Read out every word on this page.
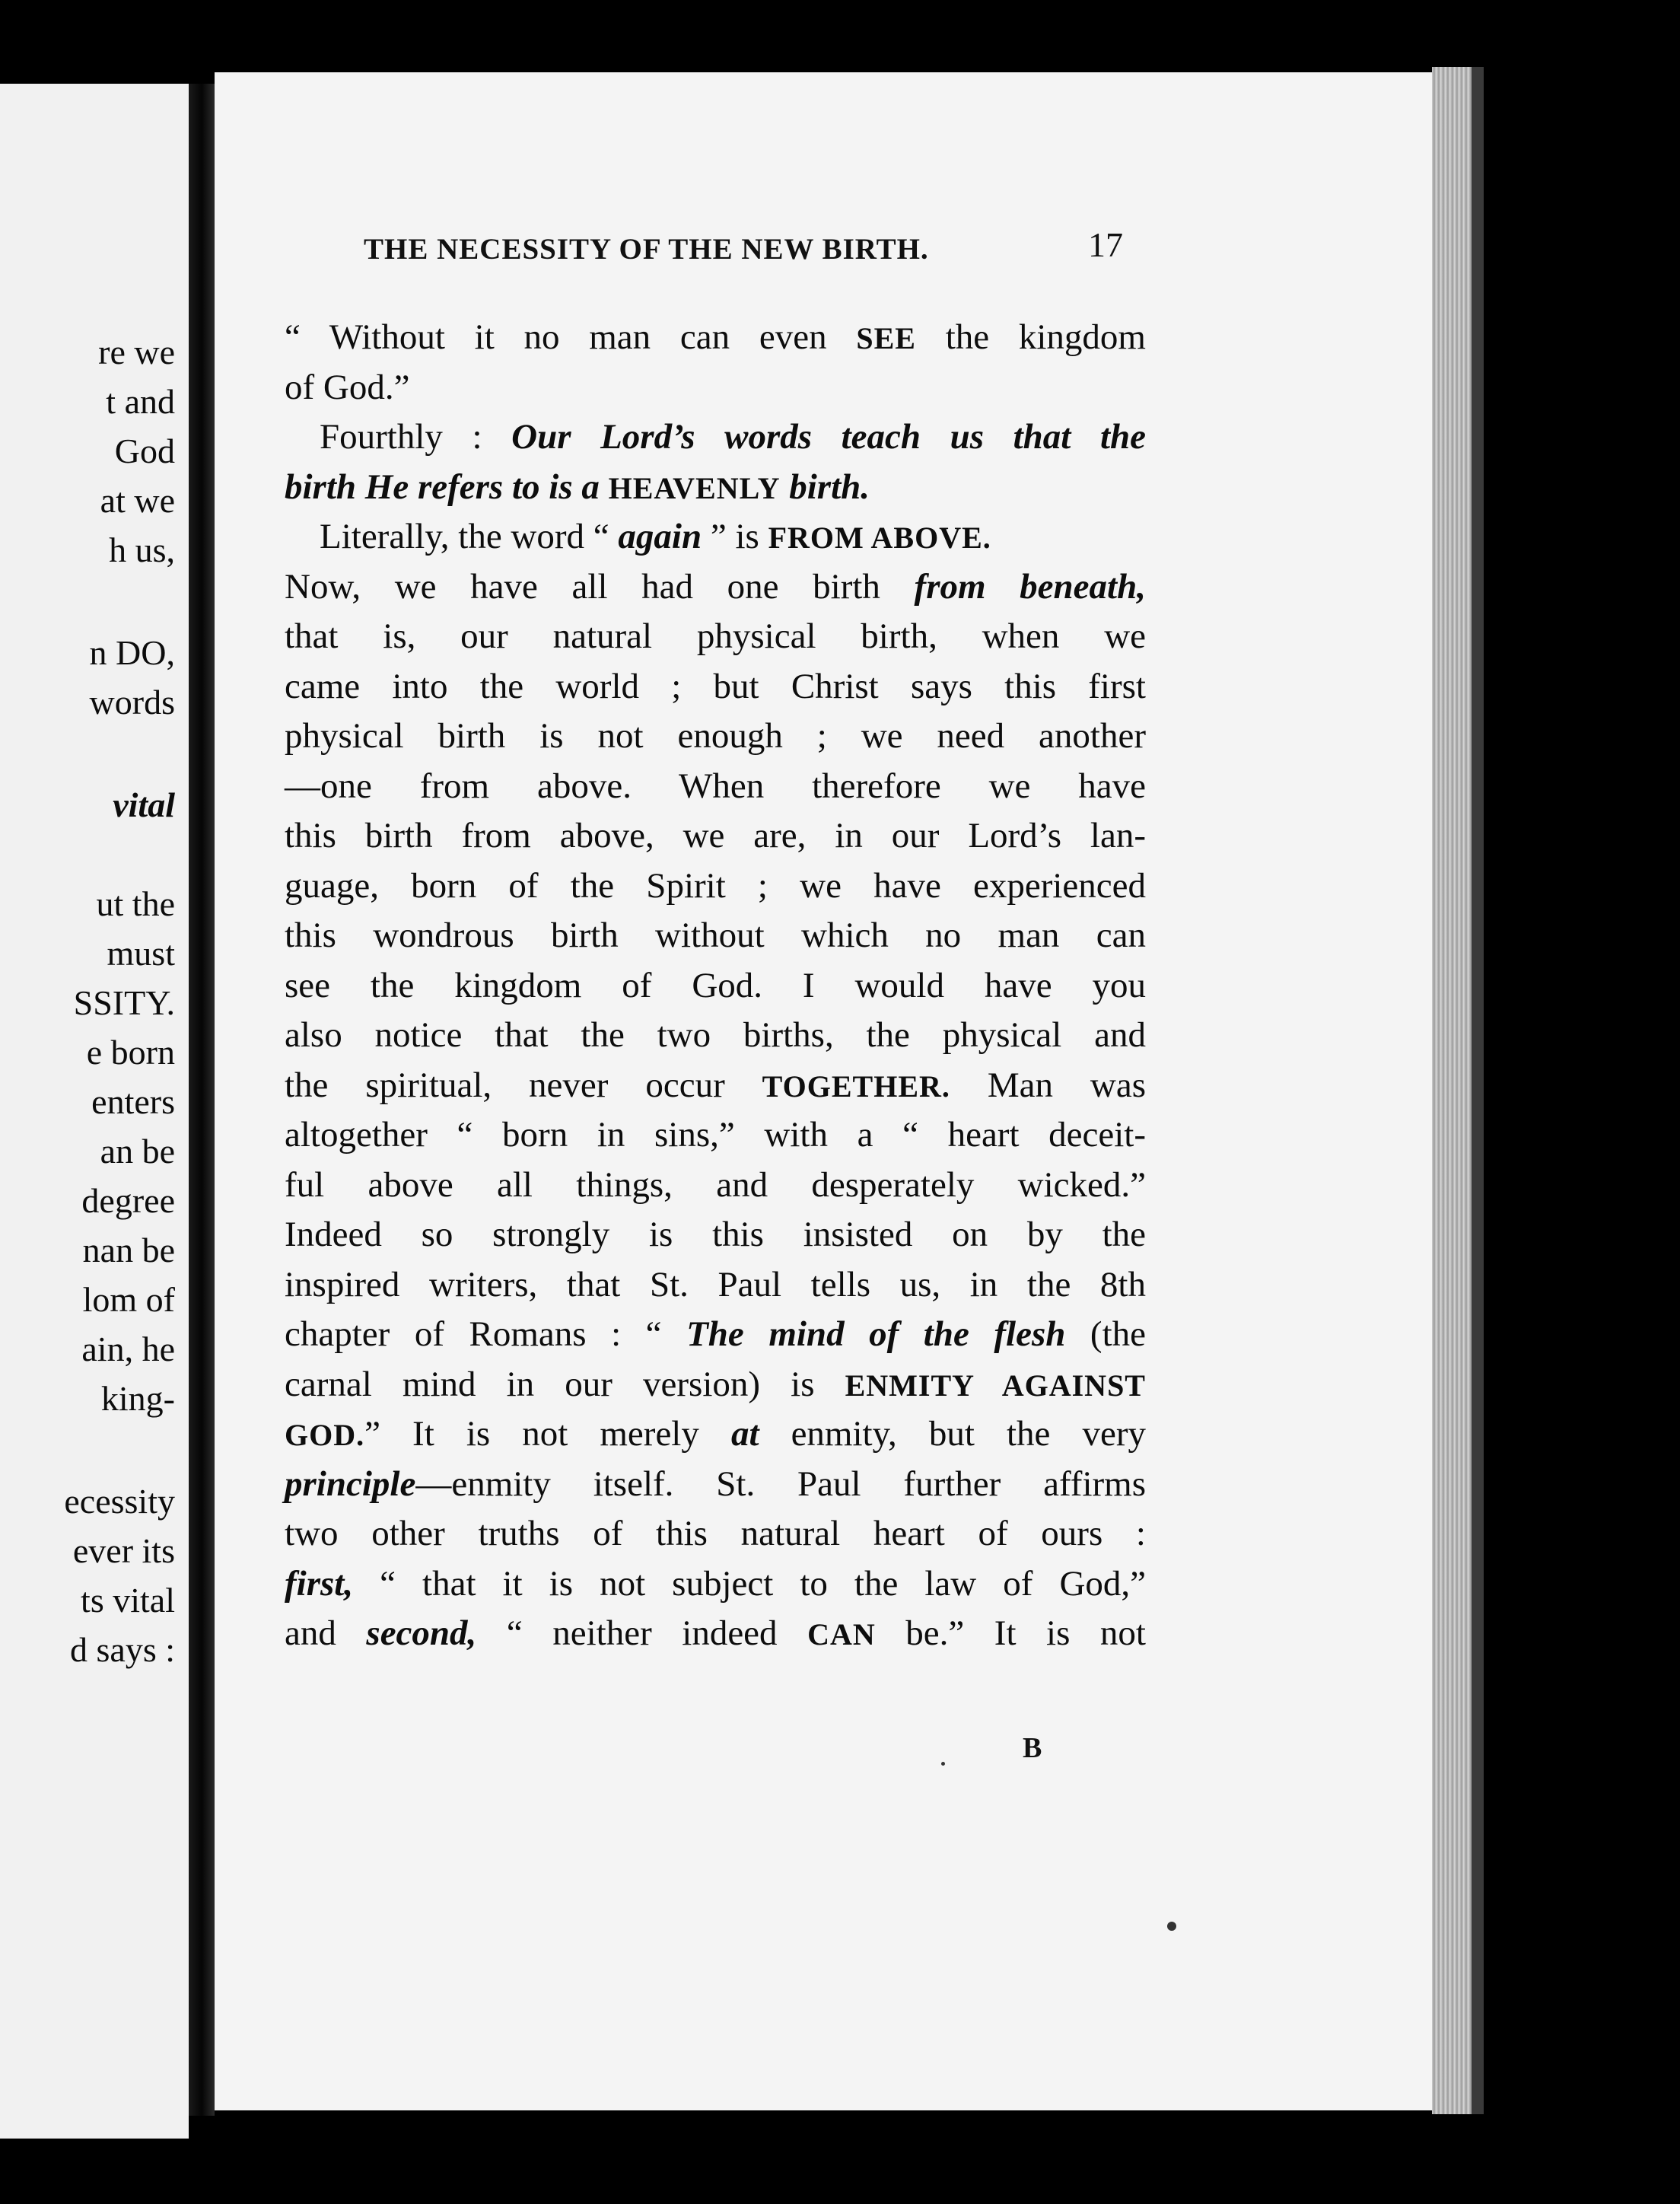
re we
t and
God
at we
h us,
n DO,
words
vital
ut the
must
SSITY.
e born
enters
an be
degree
nan be
lom of
ain, he
king-
ecessity
ever its
ts vital
d says :
THE NECESSITY OF THE NEW BIRTH.	17
B
“ Without it no man can even SEE the kingdom
of God.”
Fourthly : Our Lord’s words teach us that the
birth He refers to is a HEAVENLY birth.
Literally, the word “ again ” is FROM ABOVE.
Now, we have all had one birth from beneath,
that is, our natural physical birth, when we
came into the world ; but Christ says this first
physical birth is not enough ; we need another
—one from above. When therefore we have
this birth from above, we are, in our Lord’s lan-
guage, born of the Spirit ; we have experienced
this wondrous birth without which no man can
see the kingdom of God. I would have you
also notice that the two births, the physical and
the spiritual, never occur TOGETHER. Man was
altogether “ born in sins,” with a “ heart deceit-
ful above all things, and desperately wicked.”
Indeed so strongly is this insisted on by the
inspired writers, that St. Paul tells us, in the 8th
chapter of Romans : “ The mind of the flesh (the
carnal mind in our version) is ENMITY AGAINST
GOD.” It is not merely at enmity, but the very
principle—enmity itself. St. Paul further affirms
two other truths of this natural heart of ours :
first, “ that it is not subject to the law of God,”
and second, “ neither indeed CAN be.” It is not
